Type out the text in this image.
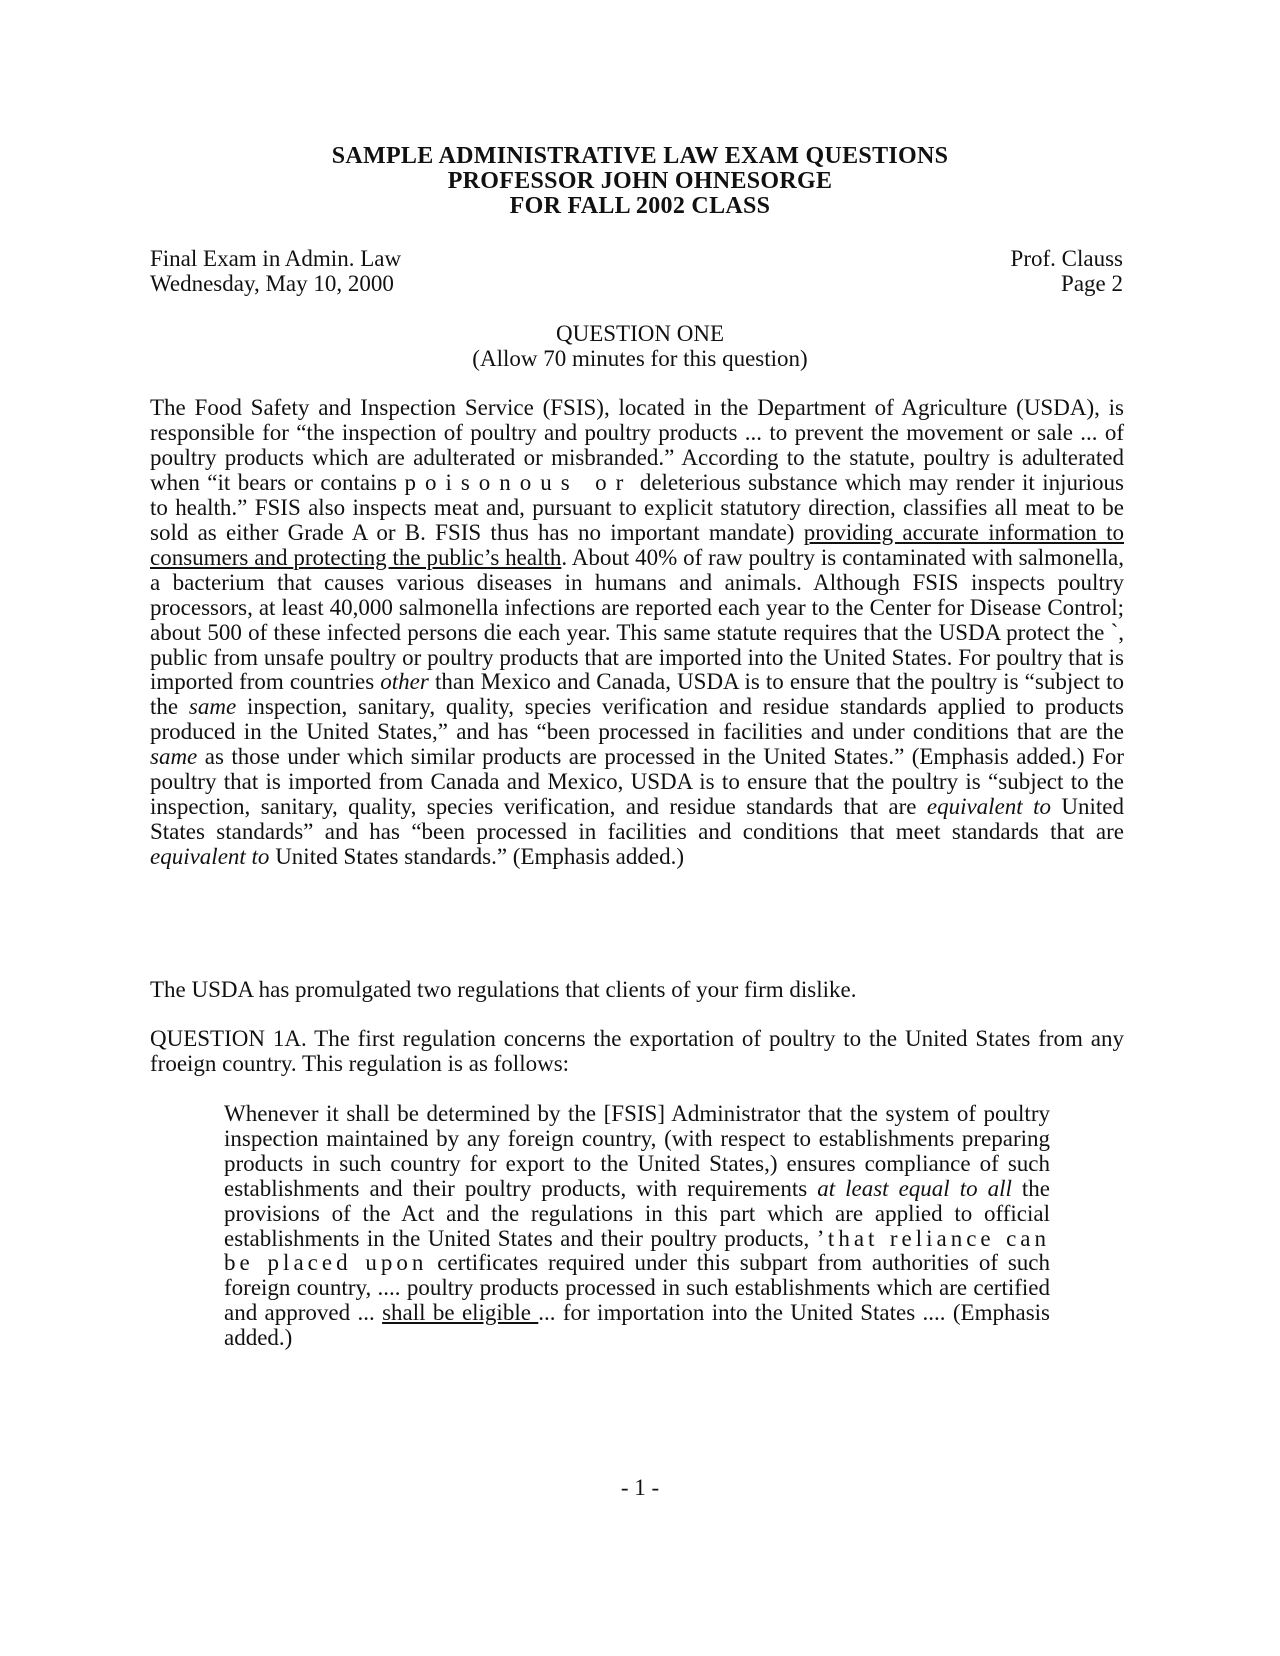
SAMPLE ADMINISTRATIVE LAW EXAM QUESTIONS
PROFESSOR JOHN OHNESORGE
FOR FALL 2002 CLASS
Final Exam in Admin. Law
Wednesday, May 10, 2000
Prof. Clauss
Page 2
QUESTION ONE
(Allow 70 minutes for this question)
The Food Safety and Inspection Service (FSIS), located in the Department of Agriculture (USDA), is responsible for “the inspection of poultry and poultry products ... to prevent the movement or sale ... of poultry products which are adulterated or misbranded.” According to the statute, poultry is adulterated when “it bears or contains poisonous or deleterious substance which may render it injurious to health.” FSIS also inspects meat and, pursuant to explicit statutory direction, classifies all meat to be sold as either Grade A or B. FSIS thus has no important mandate) providing accurate information to consumers and protecting the public’s health. About 40% of raw poultry is contaminated with salmonella, a bacterium that causes various diseases in humans and animals. Although FSIS inspects poultry processors, at least 40,000 salmonella infections are reported each year to the Center for Disease Control; about 500 of these infected persons die each year. This same statute requires that the USDA protect the `, public from unsafe poultry or poultry products that are imported into the United States. For poultry that is imported from countries other than Mexico and Canada, USDA is to ensure that the poultry is “subject to the same inspection, sanitary, quality, species verification and residue standards applied to products produced in the United States,” and has “been processed in facilities and under conditions that are the same as those under which similar products are processed in the United States.” (Emphasis added.) For poultry that is imported from Canada and Mexico, USDA is to ensure that the poultry is “subject to the inspection, sanitary, quality, species verification, and residue standards that are equivalent to United States standards” and has “been processed in facilities and conditions that meet standards that are equivalent to United States standards.” (Emphasis added.)
The USDA has promulgated two regulations that clients of your firm dislike.
QUESTION 1A. The first regulation concerns the exportation of poultry to the United States from any froeign country. This regulation is as follows:
Whenever it shall be determined by the [FSIS] Administrator that the system of poultry inspection maintained by any foreign country, (with respect to establishments preparing products in such country for export to the United States,) ensures compliance of such establishments and their poultry products, with requirements at least equal to all the provisions of the Act and the regulations in this part which are applied to official establishments in the United States and their poultry products, ’that reliance can be placed upon certificates required under this subpart from authorities of such foreign country, .... poultry products processed in such establishments which are certified and approved ... shall be eligible ... for importation into the United States .... (Emphasis added.)
- 1 -
